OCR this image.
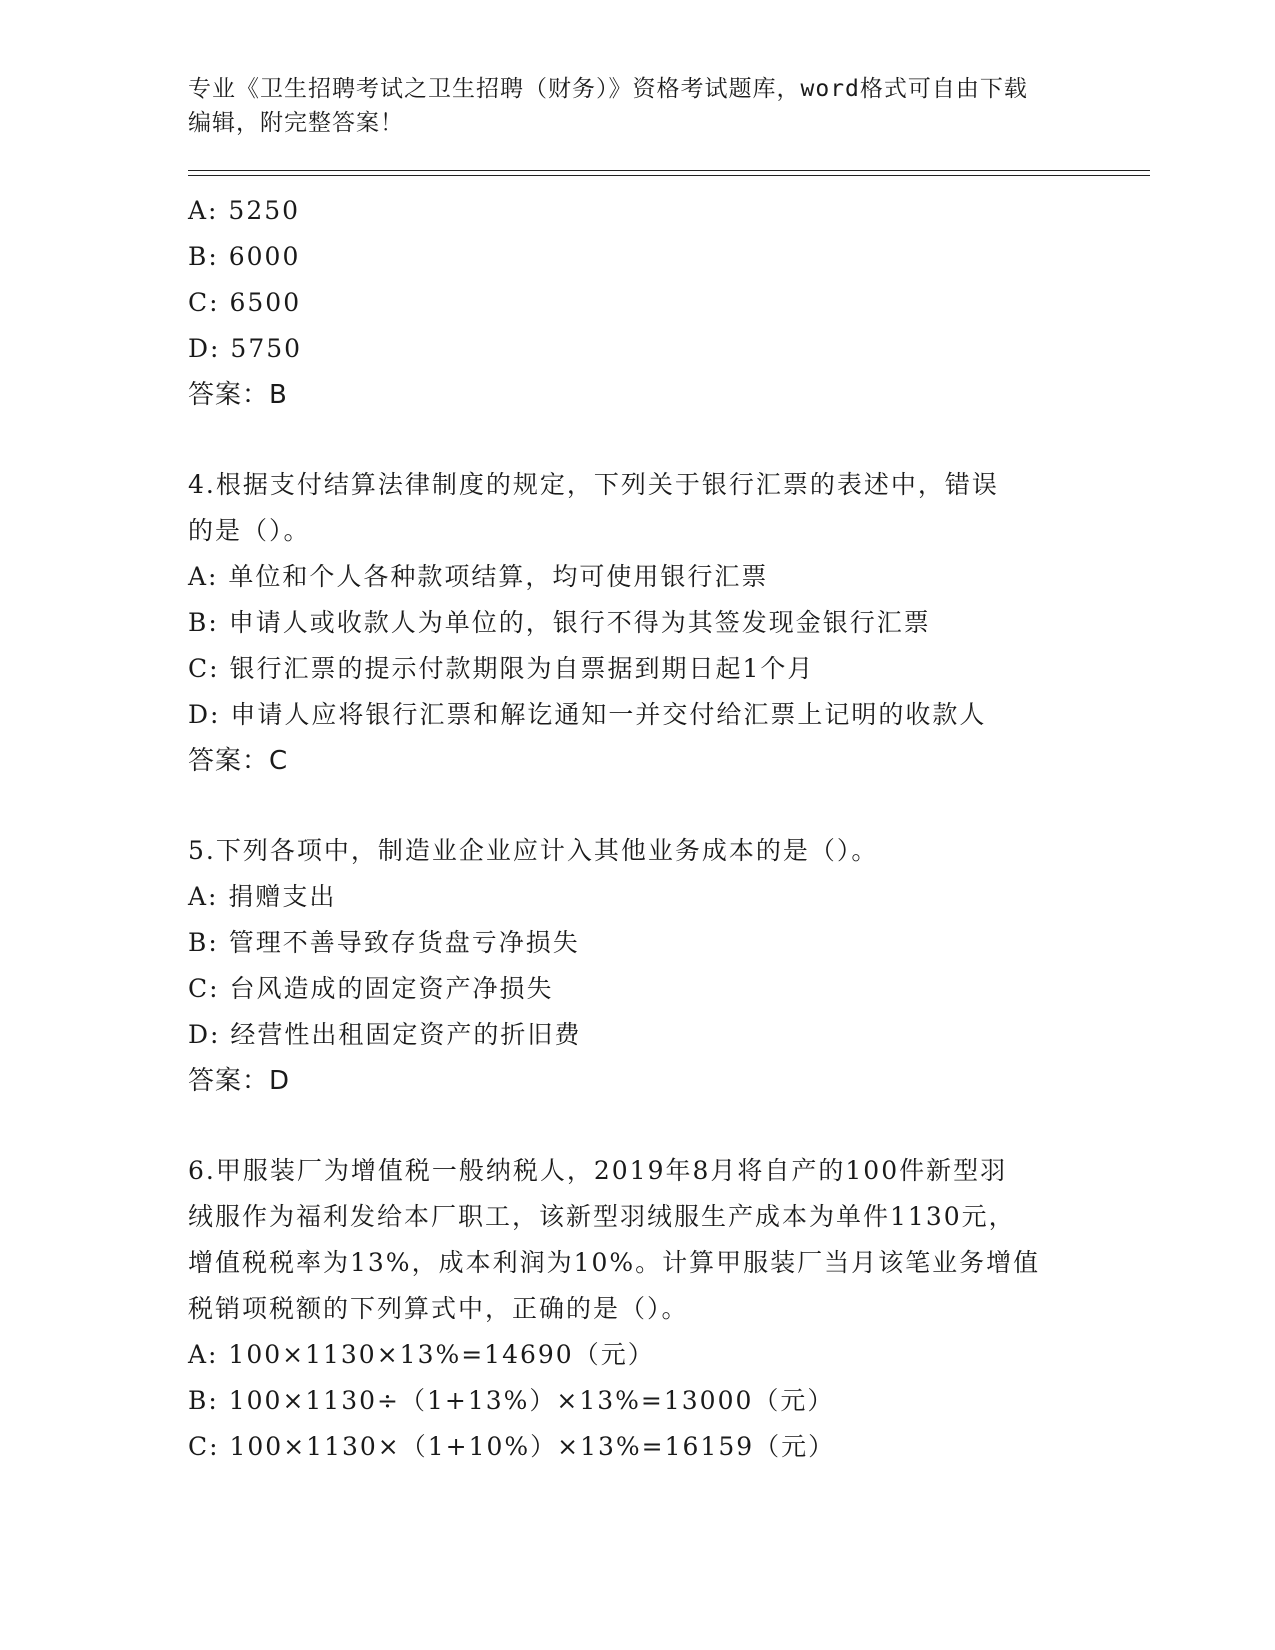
专业《卫生招聘考试之卫生招聘（财务）》资格考试题库，word格式可自由下载
编辑，附完整答案！
A: 5250
B: 6000
C: 6500
D: 5750
答案：B
4.根据支付结算法律制度的规定，下列关于银行汇票的表述中，错误
的是（）。
A: 单位和个人各种款项结算，均可使用银行汇票
B: 申请人或收款人为单位的，银行不得为其签发现金银行汇票
C: 银行汇票的提示付款期限为自票据到期日起1个月
D: 申请人应将银行汇票和解讫通知一并交付给汇票上记明的收款人
答案：C
5.下列各项中，制造业企业应计入其他业务成本的是（）。
A: 捐赠支出
B: 管理不善导致存货盘亏净损失
C: 台风造成的固定资产净损失
D: 经营性出租固定资产的折旧费
答案：D
6.甲服装厂为增值税一般纳税人，2019年8月将自产的100件新型羽
绒服作为福利发给本厂职工，该新型羽绒服生产成本为单件1130元，
增值税税率为13%，成本利润为10%。计算甲服装厂当月该笔业务增值
税销项税额的下列算式中，正确的是（）。
A: 100×1130×13%=14690（元）
B: 100×1130÷（1+13%）×13%=13000（元）
C: 100×1130×（1+10%）×13%=16159（元）
